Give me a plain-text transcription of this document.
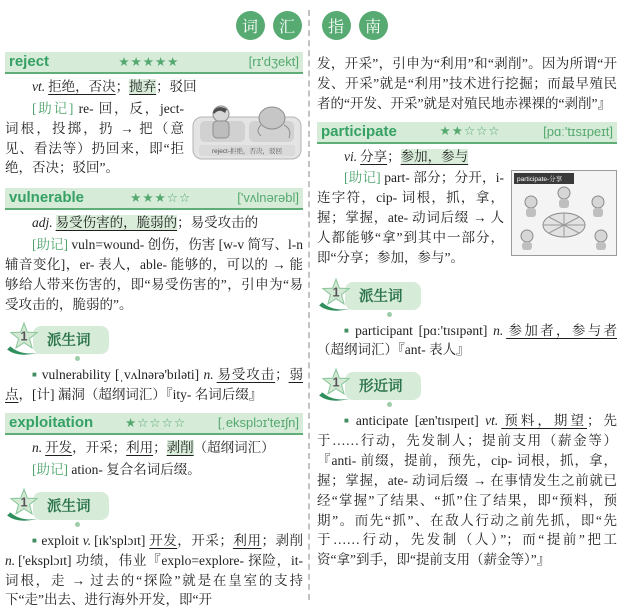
词 汇 指 南
reject	★★★★★	[rɪ'dʒekt]

vt. 拒绝，否决；抛弃；驳回

reject-拒绝，否决，驳回

[助记] re- 回，反，ject- 词根，投掷，扔 → 把（意见、看法等）扔回来，即“拒绝，否决；驳回”。

vulnerable	★★★☆☆	['vʌlnərəbl]

adj. 易受伤害的，脆弱的；易受攻击的

[助记] vuln=wound- 创伤，伤害 [w-v 简写、l-n 辅音变化]，er- 表人，able- 能够的，可以的 → 能够给人带来伤害的，即“易受伤害的”，引申为“易受攻击的，脆弱的”。

1	派生词

■ vulnerability [ˌvʌlnərə'bɪləti] n. 易受攻击；弱点，[计] 漏洞（超纲词汇）『ity- 名词后缀』

exploitation	★☆☆☆☆	[ˌeksplɔɪ'teɪʃn]

n. 开发，开采；利用；剥削（超纲词汇）

[助记] ation- 复合名词后缀。

1	派生词

■ exploit v. [ɪk'splɔɪt] 开发，开采；利用；剥削 n. ['eksplɔɪt] 功绩，伟业『explo=explore- 探险，it- 词根，走 → 过去的“探险”就是在皇室的支持下“走”出去、进行海外开发，即“开

发，开采”，引申为“利用”和“剥削”。因为所谓“开发、开采”就是“利用”技术进行挖掘；而最早殖民者的“开发、开采”就是对殖民地赤裸裸的“剥削”』

participate	★★☆☆☆	[pɑː'tɪsɪpeɪt]

vi. 分享；参加，参与

participate-分享

[助记] part- 部分；分开，i- 连字符，cip- 词根，抓，拿，握；掌握，ate- 动词后缀 → 人人都能够“拿”到其中一部分，即“分享；参加，参与”。

1	派生词

■ participant [pɑː'tɪsɪpənt] n. 参加者，参与者（超纲词汇）『ant- 表人』

1	形近词

■ anticipate [æn'tɪsɪpeɪt] vt. 预料，期望；先于……行动，先发制人；提前支用（薪金等）『anti- 前缀，提前，预先，cip- 词根，抓，拿，握；掌握，ate- 动词后缀 → 在事情发生之前就已经“掌握”了结果、“抓”住了结果，即“预料，预期”。而先“抓”、在敌人行动之前先抓，即“先于……行动，先发制（人）”；而“提前”把工资“拿”到手，即“提前支用（薪金等）”』
